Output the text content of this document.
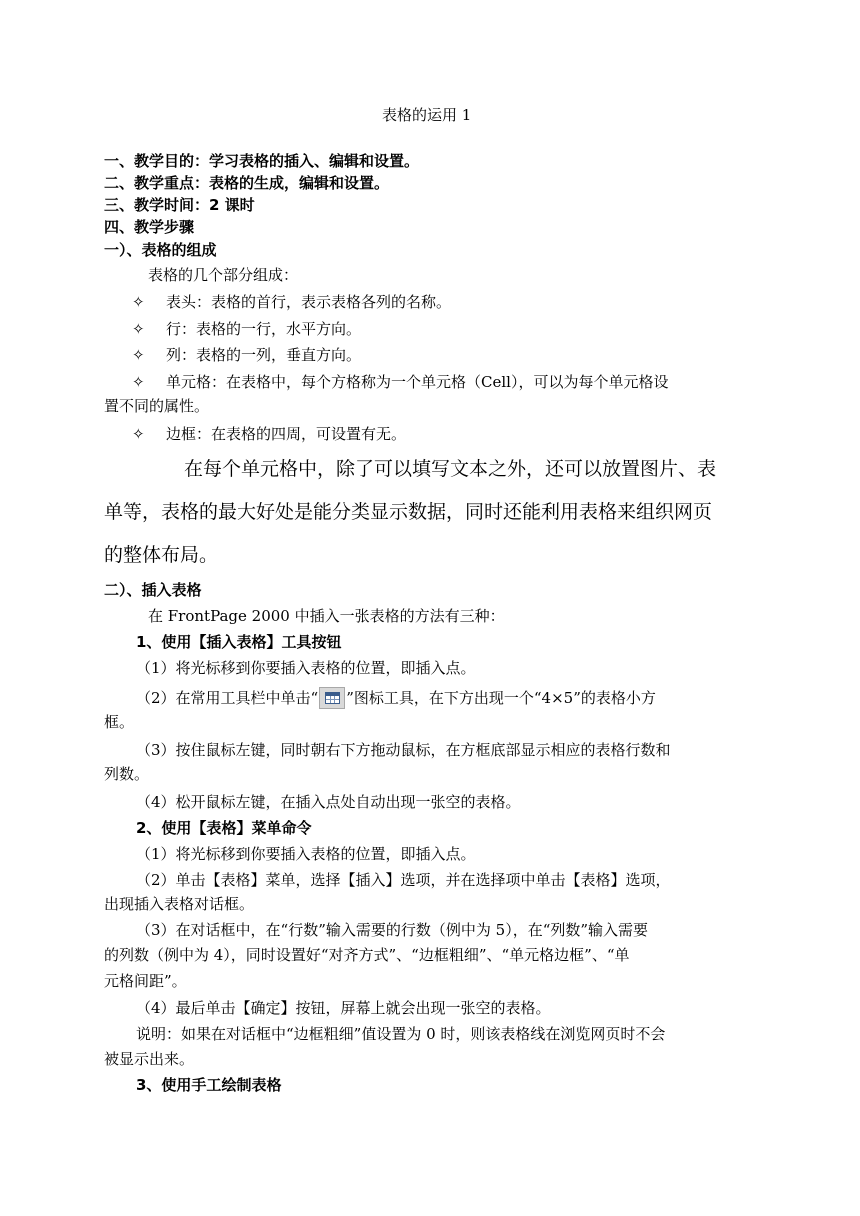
表格的运用 1
一、教学目的：学习表格的插入、编辑和设置。
二、教学重点：表格的生成，编辑和设置。
三、教学时间：2 课时
四、教学步骤
一）、表格的组成
表格的几个部分组成：
✧ 表头：表格的首行，表示表格各列的名称。
✧ 行：表格的一行，水平方向。
✧ 列：表格的一列，垂直方向。
✧ 单元格：在表格中，每个方格称为一个单元格（Cell），可以为每个单元格设
置不同的属性。
✧ 边框：在表格的四周，可设置有无。
在每个单元格中，除了可以填写文本之外，还可以放置图片、表
单等，表格的最大好处是能分类显示数据，同时还能利用表格来组织网页
的整体布局。
二）、插入表格
在 FrontPage 2000 中插入一张表格的方法有三种：
1、使用【插入表格】工具按钮
（1）将光标移到你要插入表格的位置，即插入点。
（2）在常用工具栏中单击“ ”图标工具，在下方出现一个“4×5”的表格小方
框。
（3）按住鼠标左键，同时朝右下方拖动鼠标，在方框底部显示相应的表格行数和
列数。
（4）松开鼠标左键，在插入点处自动出现一张空的表格。
2、使用【表格】菜单命令
（1）将光标移到你要插入表格的位置，即插入点。
（2）单击【表格】菜单，选择【插入】选项，并在选择项中单击【表格】选项，
出现插入表格对话框。
（3）在对话框中，在“行数”输入需要的行数（例中为 5），在“列数”输入需要
的列数（例中为 4），同时设置好“对齐方式”、“边框粗细”、“单元格边框”、“单
元格间距”。
（4）最后单击【确定】按钮，屏幕上就会出现一张空的表格。
说明：如果在对话框中“边框粗细”值设置为 0 时，则该表格线在浏览网页时不会
被显示出来。
3、使用手工绘制表格
